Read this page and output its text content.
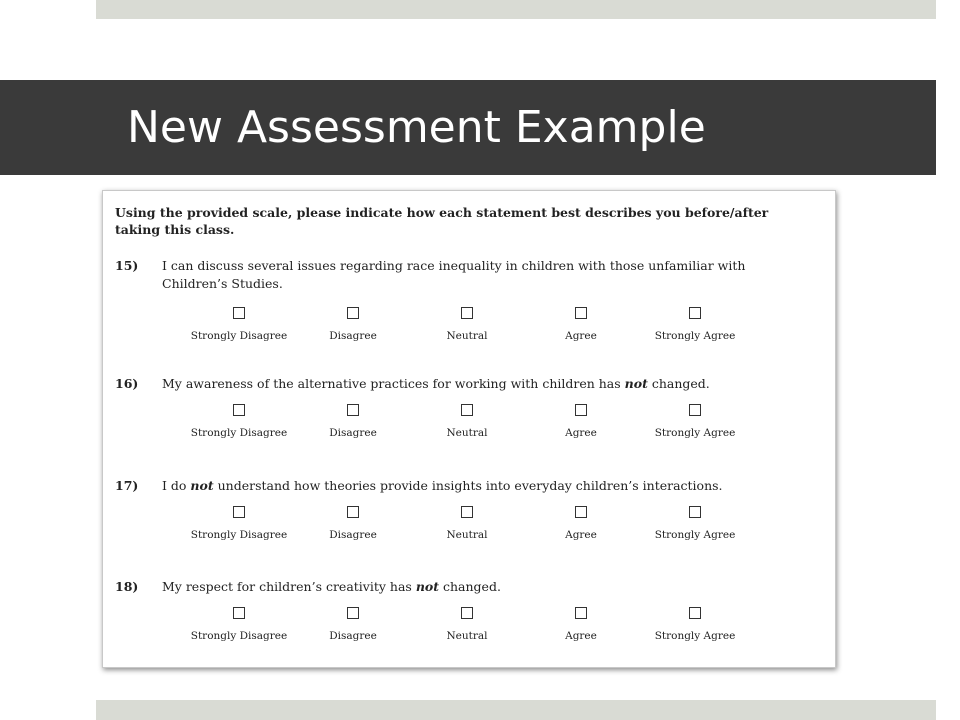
New Assessment Example

Using the provided scale, please indicate how each statement best describes you before/after taking this class.

15) I can discuss several issues regarding race inequality in children with those unfamiliar with Children’s Studies.

Strongly Disagree	Disagree	Neutral	Agree	Strongly Agree
16) My awareness of the alternative practices for working with children has not changed.

Strongly Disagree	Disagree	Neutral	Agree	Strongly Agree
17) I do not understand how theories provide insights into everyday children’s interactions.

Strongly Disagree	Disagree	Neutral	Agree	Strongly Agree
18) My respect for children’s creativity has not changed.

Strongly Disagree	Disagree	Neutral	Agree	Strongly Agree
